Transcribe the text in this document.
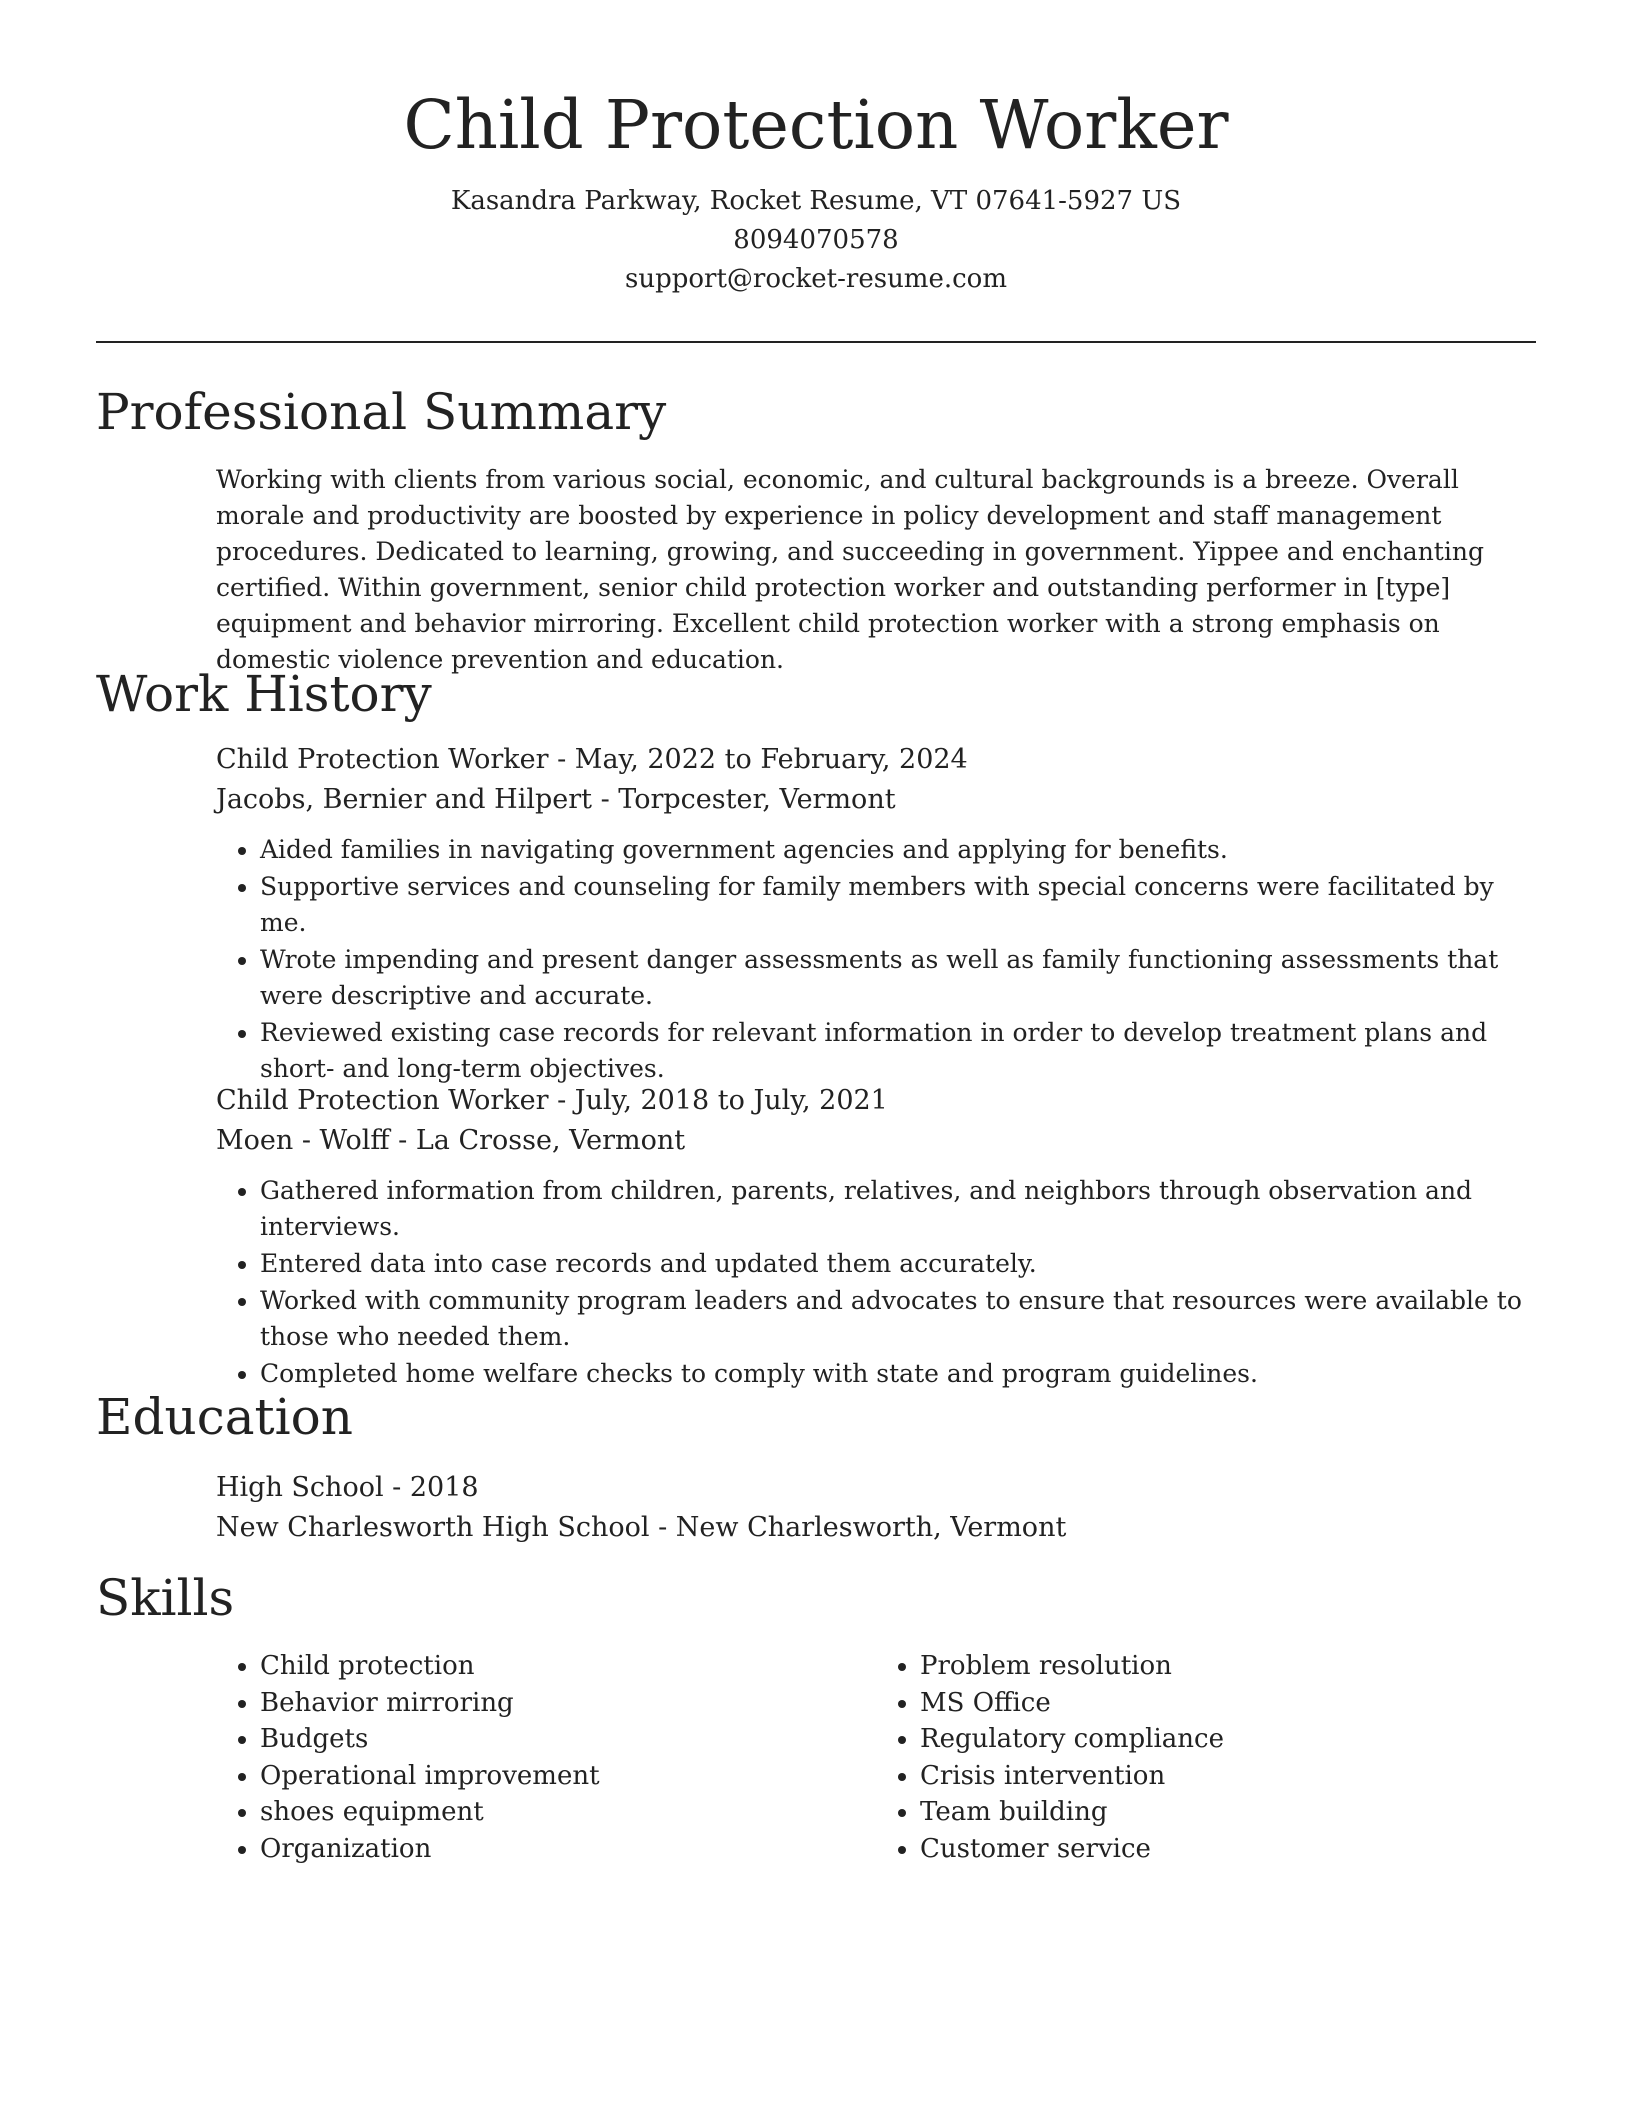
Child Protection Worker
Kasandra Parkway, Rocket Resume, VT 07641-5927 US
8094070578
support@rocket-resume.com
Professional Summary

Working with clients from various social, economic, and cultural backgrounds is a breeze. Overall morale and productivity are boosted by experience in policy development and staff management procedures. Dedicated to learning, growing, and succeeding in government. Yippee and enchanting certified. Within government, senior child protection worker and outstanding performer in [type] equipment and behavior mirroring. Excellent child protection worker with a strong emphasis on domestic violence prevention and education.

Work History
Child Protection Worker - May, 2022 to February, 2024
Jacobs, Bernier and Hilpert - Torpcester, Vermont
• Aided families in navigating government agencies and applying for benefits.
• Supportive services and counseling for family members with special concerns were facilitated by me.
• Wrote impending and present danger assessments as well as family functioning assessments that were descriptive and accurate.
• Reviewed existing case records for relevant information in order to develop treatment plans and short- and long-term objectives.
Child Protection Worker - July, 2018 to July, 2021
Moen - Wolff - La Crosse, Vermont
• Gathered information from children, parents, relatives, and neighbors through observation and interviews.
• Entered data into case records and updated them accurately.
• Worked with community program leaders and advocates to ensure that resources were available to those who needed them.
• Completed home welfare checks to comply with state and program guidelines.
Education
High School - 2018
New Charlesworth High School - New Charlesworth, Vermont
Skills
• Child protection
• Behavior mirroring
• Budgets
• Operational improvement
• shoes equipment
• Organization
• Problem resolution
• MS Office
• Regulatory compliance
• Crisis intervention
• Team building
• Customer service
